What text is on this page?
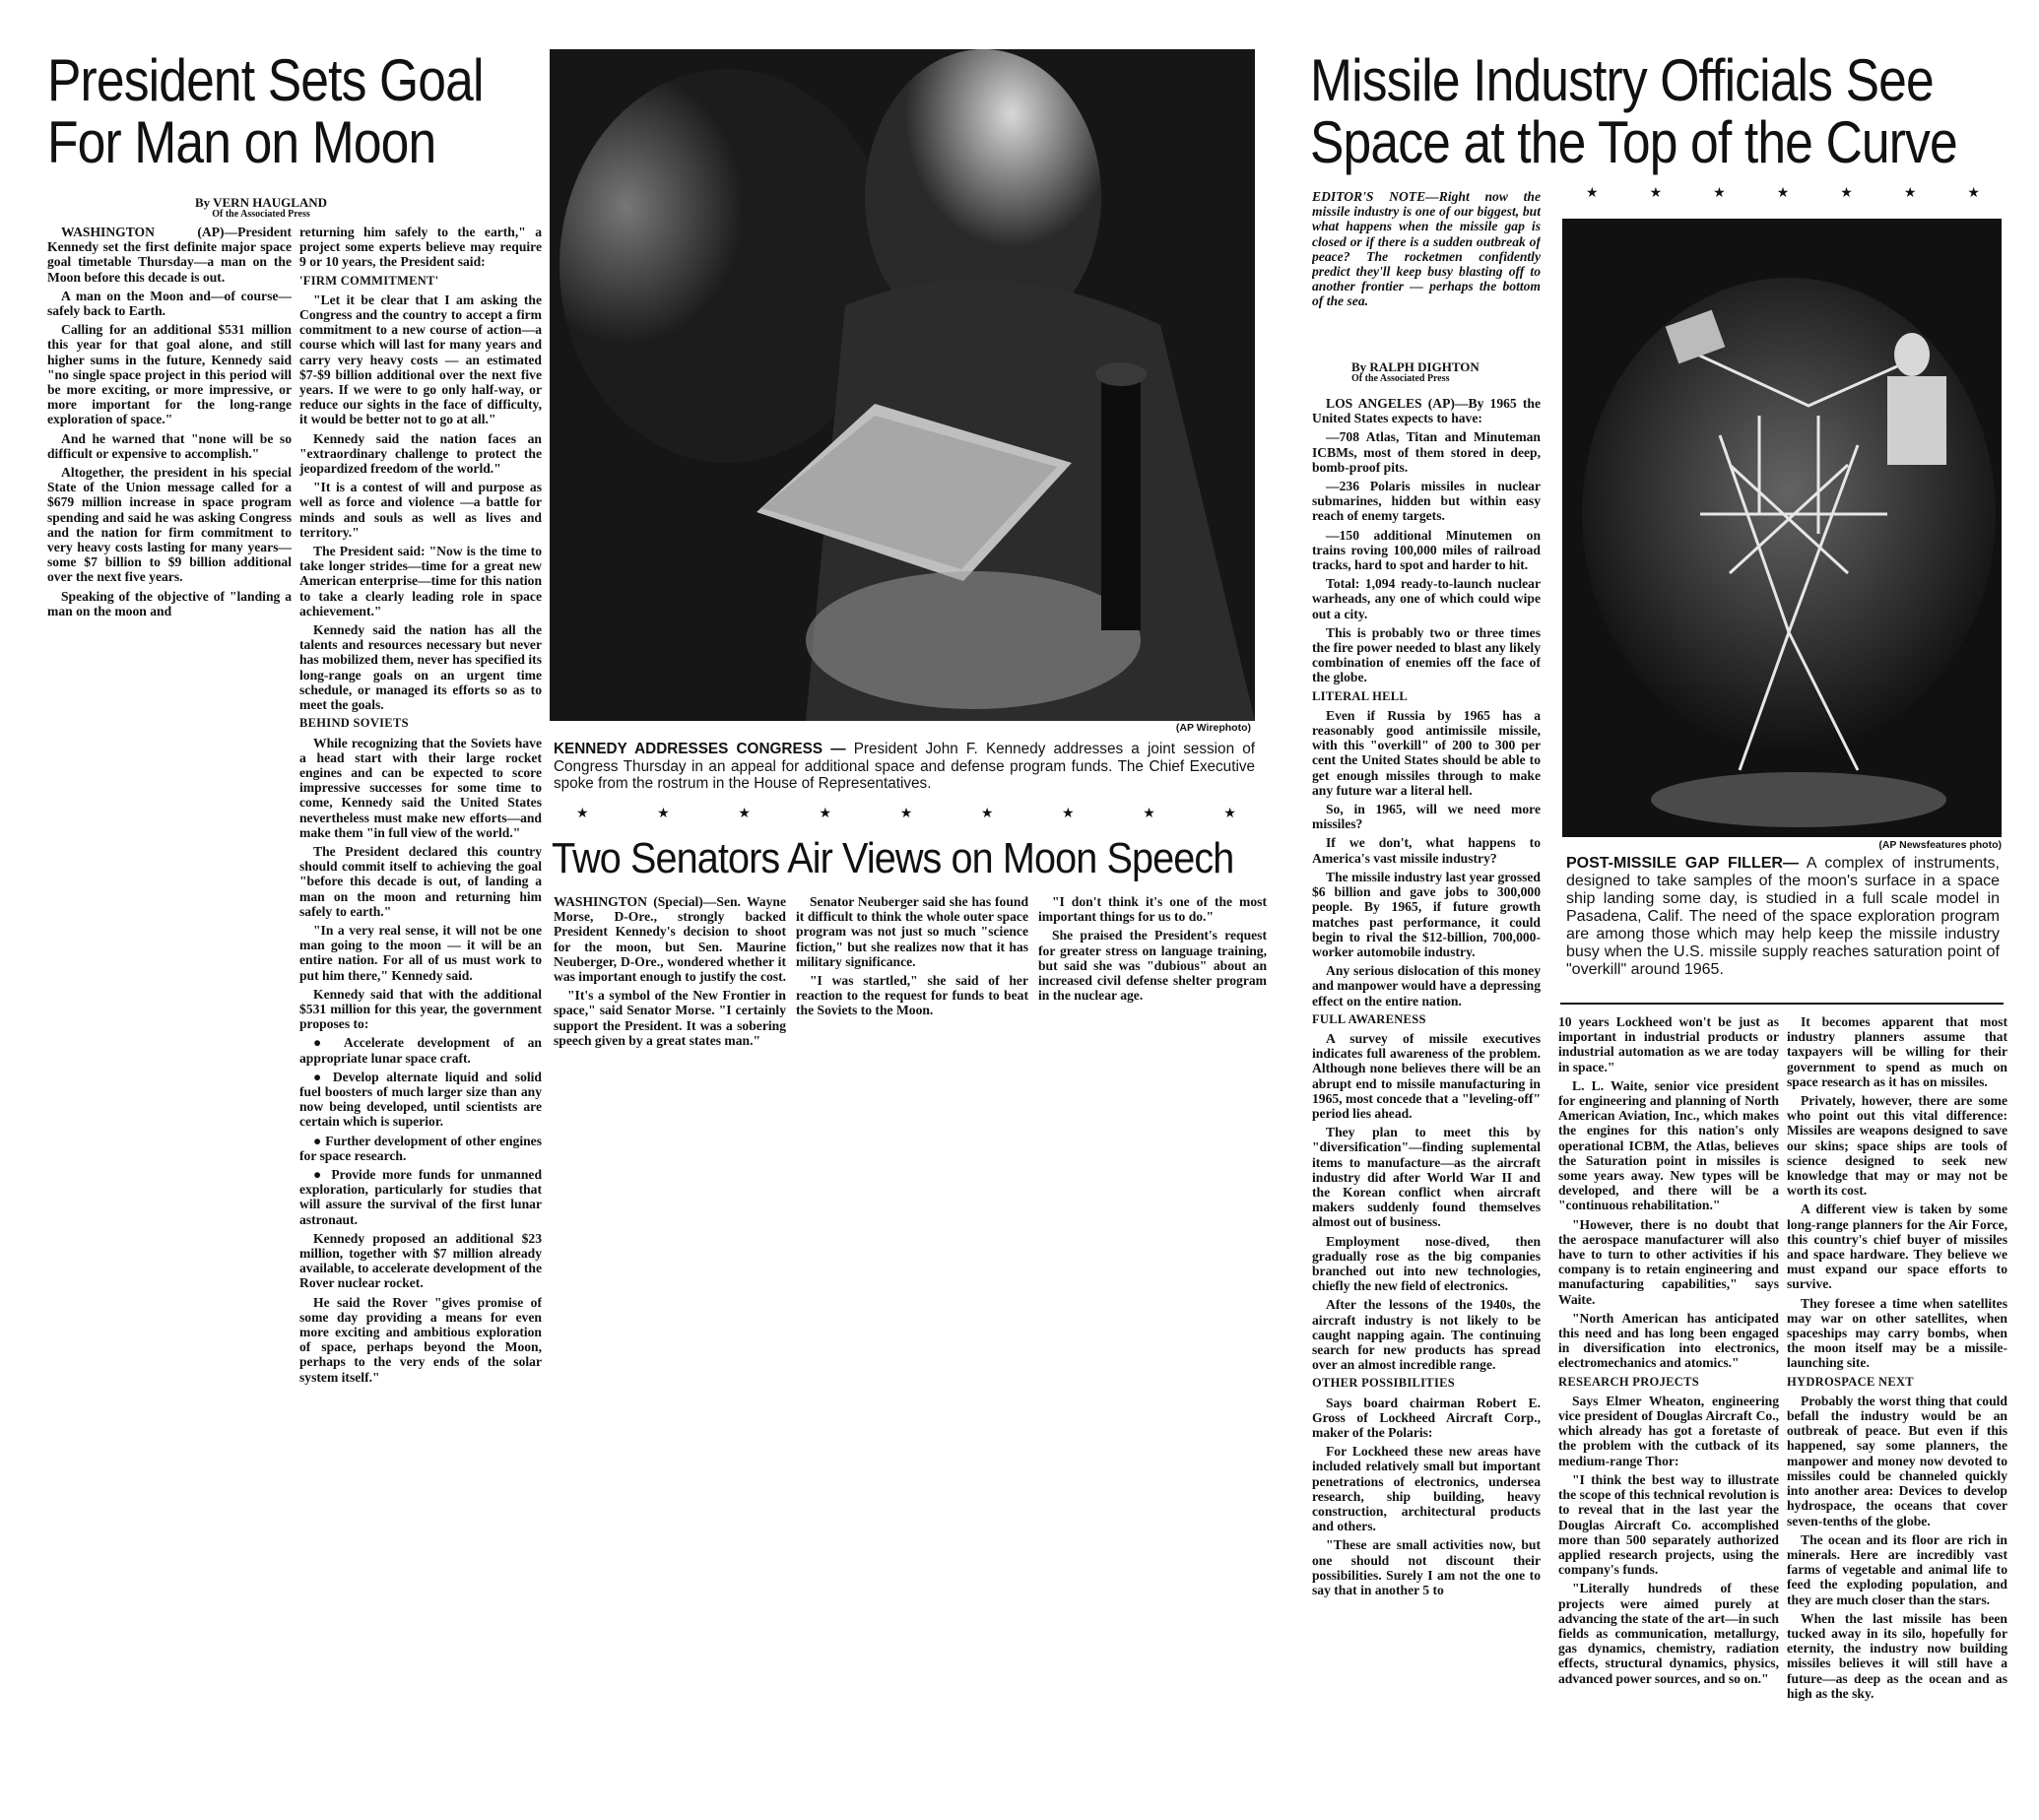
President Sets Goal
For Man on Moon
By VERN HAUGLAND
Of the Associated Press

WASHINGTON (AP)—President Kennedy set the first definite major space goal timetable Thursday—a man on the Moon before this decade is out.

A man on the Moon and—of course—safely back to Earth.

Calling for an additional $531 million this year for that goal alone, and still higher sums in the future, Kennedy said "no single space project in this period will be more exciting, or more impressive, or more important for the long-range exploration of space."

And he warned that "none will be so difficult or expensive to accomplish."

Altogether, the president in his special State of the Union message called for a $679 million increase in space program spending and said he was asking Congress and the nation for firm commitment to very heavy costs lasting for many years—some $7 billion to $9 billion additional over the next five years.

Speaking of the objective of "landing a man on the moon and

returning him safely to the earth," a project some experts believe may require 9 or 10 years, the President said:

'FIRM COMMITMENT'

"Let it be clear that I am asking the Congress and the country to accept a firm commitment to a new course of action—a course which will last for many years and carry very heavy costs — an estimated $7-$9 billion additional over the next five years. If we were to go only half-way, or reduce our sights in the face of difficulty, it would be better not to go at all."

Kennedy said the nation faces an "extraordinary challenge to protect the jeopardized freedom of the world."

"It is a contest of will and purpose as well as force and violence —a battle for minds and souls as well as lives and territory."

The President said: "Now is the time to take longer strides—time for a great new American enterprise—time for this nation to take a clearly leading role in space achievement."

Kennedy said the nation has all the talents and resources necessary but never has mobilized them, never has specified its long-range goals on an urgent time schedule, or managed its efforts so as to meet the goals.

BEHIND SOVIETS

While recognizing that the Soviets have a head start with their large rocket engines and can be expected to score impressive successes for some time to come, Kennedy said the United States nevertheless must make new efforts—and make them "in full view of the world."

The President declared this country should commit itself to achieving the goal "before this decade is out, of landing a man on the moon and returning him safely to earth."

"In a very real sense, it will not be one man going to the moon — it will be an entire nation. For all of us must work to put him there," Kennedy said.

Kennedy said that with the additional $531 million for this year, the government proposes to:

● Accelerate development of an appropriate lunar space craft.

● Develop alternate liquid and solid fuel boosters of much larger size than any now being developed, until scientists are certain which is superior.

● Further development of other engines for space research.

● Provide more funds for unmanned exploration, particularly for studies that will assure the survival of the first lunar astronaut.

Kennedy proposed an additional $23 million, together with $7 million already available, to accelerate development of the Rover nuclear rocket.

He said the Rover "gives promise of some day providing a means for even more exciting and ambitious exploration of space, perhaps beyond the Moon, perhaps to the very ends of the solar system itself."

(AP Wirephoto)
KENNEDY ADDRESSES CONGRESS — President John F. Kennedy addresses a joint session of Congress Thursday in an appeal for additional space and defense program funds. The Chief Executive spoke from the rostrum in the House of Representatives.
★	★	★	★	★	★	★	★	★
Two Senators Air Views on Moon Speech

WASHINGTON (Special)—Sen. Wayne Morse, D-Ore., strongly backed President Kennedy's decision to shoot for the moon, but Sen. Maurine Neuberger, D-Ore., wondered whether it was important enough to justify the cost.

"It's a symbol of the New Frontier in space," said Senator Morse. "I certainly support the President. It was a sobering speech given by a great states man."

Senator Neuberger said she has found it difficult to think the whole outer space program was not just so much "science fiction," but she realizes now that it has military significance.

"I was startled," she said of her reaction to the request for funds to beat the Soviets to the Moon.

"I don't think it's one of the most important things for us to do."

She praised the President's request for greater stress on language training, but said she was "dubious" about an increased civil defense shelter program in the nuclear age.

Missile Industry Officials See
Space at the Top of the Curve
★	★	★	★	★	★	★

EDITOR'S NOTE—Right now the missile industry is one of our biggest, but what happens when the missile gap is closed or if there is a sudden outbreak of peace? The rocketmen confidently predict they'll keep busy blasting off to another frontier — perhaps the bottom of the sea.

By RALPH DIGHTON
Of the Associated Press

LOS ANGELES (AP)—By 1965 the United States expects to have:

—708 Atlas, Titan and Minuteman ICBMs, most of them stored in deep, bomb-proof pits.

—236 Polaris missiles in nuclear submarines, hidden but within easy reach of enemy targets.

—150 additional Minutemen on trains roving 100,000 miles of railroad tracks, hard to spot and harder to hit.

Total: 1,094 ready-to-launch nuclear warheads, any one of which could wipe out a city.

This is probably two or three times the fire power needed to blast any likely combination of enemies off the face of the globe.

LITERAL HELL

Even if Russia by 1965 has a reasonably good antimissile missile, with this "overkill" of 200 to 300 per cent the United States should be able to get enough missiles through to make any future war a literal hell.

So, in 1965, will we need more missiles?

If we don't, what happens to America's vast missile industry?

The missile industry last year grossed $6 billion and gave jobs to 300,000 people. By 1965, if future growth matches past performance, it could begin to rival the $12-billion, 700,000-worker automobile industry.

Any serious dislocation of this money and manpower would have a depressing effect on the entire nation.

FULL AWARENESS

A survey of missile executives indicates full awareness of the problem. Although none believes there will be an abrupt end to missile manufacturing in 1965, most concede that a "leveling-off" period lies ahead.

They plan to meet this by "diversification"—finding suplemental items to manufacture—as the aircraft industry did after World War II and the Korean conflict when aircraft makers suddenly found themselves almost out of business.

Employment nose-dived, then gradually rose as the big companies branched out into new technologies, chiefly the new field of electronics.

After the lessons of the 1940s, the aircraft industry is not likely to be caught napping again. The continuing search for new products has spread over an almost incredible range.

OTHER POSSIBILITIES

Says board chairman Robert E. Gross of Lockheed Aircraft Corp., maker of the Polaris:

For Lockheed these new areas have included relatively small but important penetrations of electronics, undersea research, ship building, heavy construction, architectural products and others.

"These are small activities now, but one should not discount their possibilities. Surely I am not the one to say that in another 5 to

(AP Newsfeatures photo)
POST-MISSILE GAP FILLER— A complex of instruments, designed to take samples of the moon's surface in a space ship landing some day, is studied in a full scale model in Pasadena, Calif. The need of the space exploration program are among those which may help keep the missile industry busy when the U.S. missile supply reaches saturation point of "overkill" around 1965.

10 years Lockheed won't be just as important in industrial products or industrial automation as we are today in space."

L. L. Waite, senior vice president for engineering and planning of North American Aviation, Inc., which makes the engines for this nation's only operational ICBM, the Atlas, believes the Saturation point in missiles is some years away. New types will be developed, and there will be a "continuous rehabilitation."

"However, there is no doubt that the aerospace manufacturer will also have to turn to other activities if his company is to retain engineering and manufacturing capabilities," says Waite.

"North American has anticipated this need and has long been engaged in diversification into electronics, electromechanics and atomics."

RESEARCH PROJECTS

Says Elmer Wheaton, engineering vice president of Douglas Aircraft Co., which already has got a foretaste of the problem with the cutback of its medium-range Thor:

"I think the best way to illustrate the scope of this technical revolution is to reveal that in the last year the Douglas Aircraft Co. accomplished more than 500 separately authorized applied research projects, using the company's funds.

"Literally hundreds of these projects were aimed purely at advancing the state of the art—in such fields as communication, metallurgy, gas dynamics, chemistry, radiation effects, structural dynamics, physics, advanced power sources, and so on."

It becomes apparent that most industry planners assume that taxpayers will be willing for their government to spend as much on space research as it has on missiles.

Privately, however, there are some who point out this vital difference: Missiles are weapons designed to save our skins; space ships are tools of science designed to seek new knowledge that may or may not be worth its cost.

A different view is taken by some long-range planners for the Air Force, this country's chief buyer of missiles and space hardware. They believe we must expand our space efforts to survive.

They foresee a time when satellites may war on other satellites, when spaceships may carry bombs, when the moon itself may be a missile-launching site.

HYDROSPACE NEXT

Probably the worst thing that could befall the industry would be an outbreak of peace. But even if this happened, say some planners, the manpower and money now devoted to missiles could be channeled quickly into another area: Devices to develop hydrospace, the oceans that cover seven-tenths of the globe.

The ocean and its floor are rich in minerals. Here are incredibly vast farms of vegetable and animal life to feed the exploding population, and they are much closer than the stars.

When the last missile has been tucked away in its silo, hopefully for eternity, the industry now building missiles believes it will still have a future—as deep as the ocean and as high as the sky.
